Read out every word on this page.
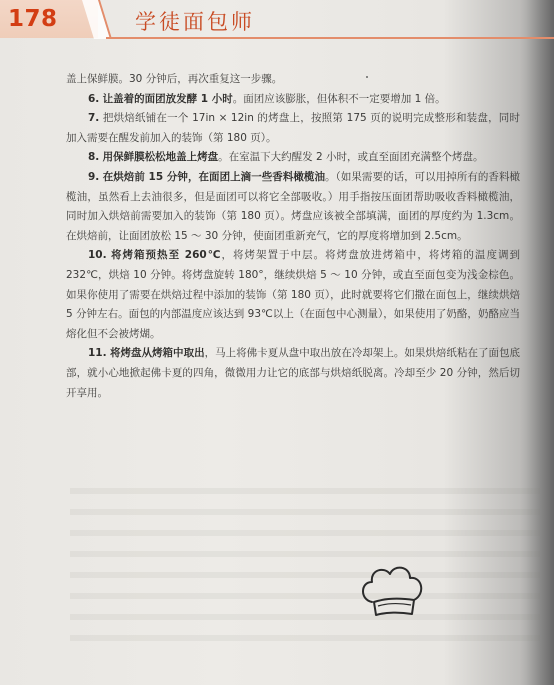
178	学徒面包师

盖上保鲜膜。30 分钟后，再次重复这一步骤。

6. 让盖着的面团放发酵 1 小时。面团应该膨胀，但体积不一定要增加 1 倍。

7. 把烘焙纸铺在一个 17in × 12in 的烤盘上，按照第 175 页的说明完成整形和装盘，同时加入需要在醒发前加入的装饰（第 180 页）。

8. 用保鲜膜松松地盖上烤盘。在室温下大约醒发 2 小时，或直至面团充满整个烤盘。

9. 在烘焙前 15 分钟，在面团上滴一些香料橄榄油。（如果需要的话，可以用掉所有的香料橄榄油，虽然看上去油很多，但是面团可以将它全部吸收。）用手指按压面团帮助吸收香料橄榄油，同时加入烘焙前需要加入的装饰（第 180 页）。烤盘应该被全部填满，面团的厚度约为 1.3cm。在烘焙前，让面团放松 15 ～ 30 分钟，使面团重新充气，它的厚度将增加到 2.5cm。

10. 将烤箱预热至 260℃，将烤架置于中层。将烤盘放进烤箱中，将烤箱的温度调到 232℃，烘焙 10 分钟。将烤盘旋转 180°，继续烘焙 5 ～ 10 分钟，或直至面包变为浅金棕色。如果你使用了需要在烘焙过程中添加的装饰（第 180 页），此时就要将它们撒在面包上，继续烘焙 5 分钟左右。面包的内部温度应该达到 93℃以上（在面包中心测量），如果使用了奶酪，奶酪应当熔化但不会被烤煳。

11. 将烤盘从烤箱中取出，马上将佛卡夏从盘中取出放在冷却架上。如果烘焙纸粘在了面包底部，就小心地掀起佛卡夏的四角，微微用力让它的底部与烘焙纸脱离。冷却至少 20 分钟，然后切开享用。
